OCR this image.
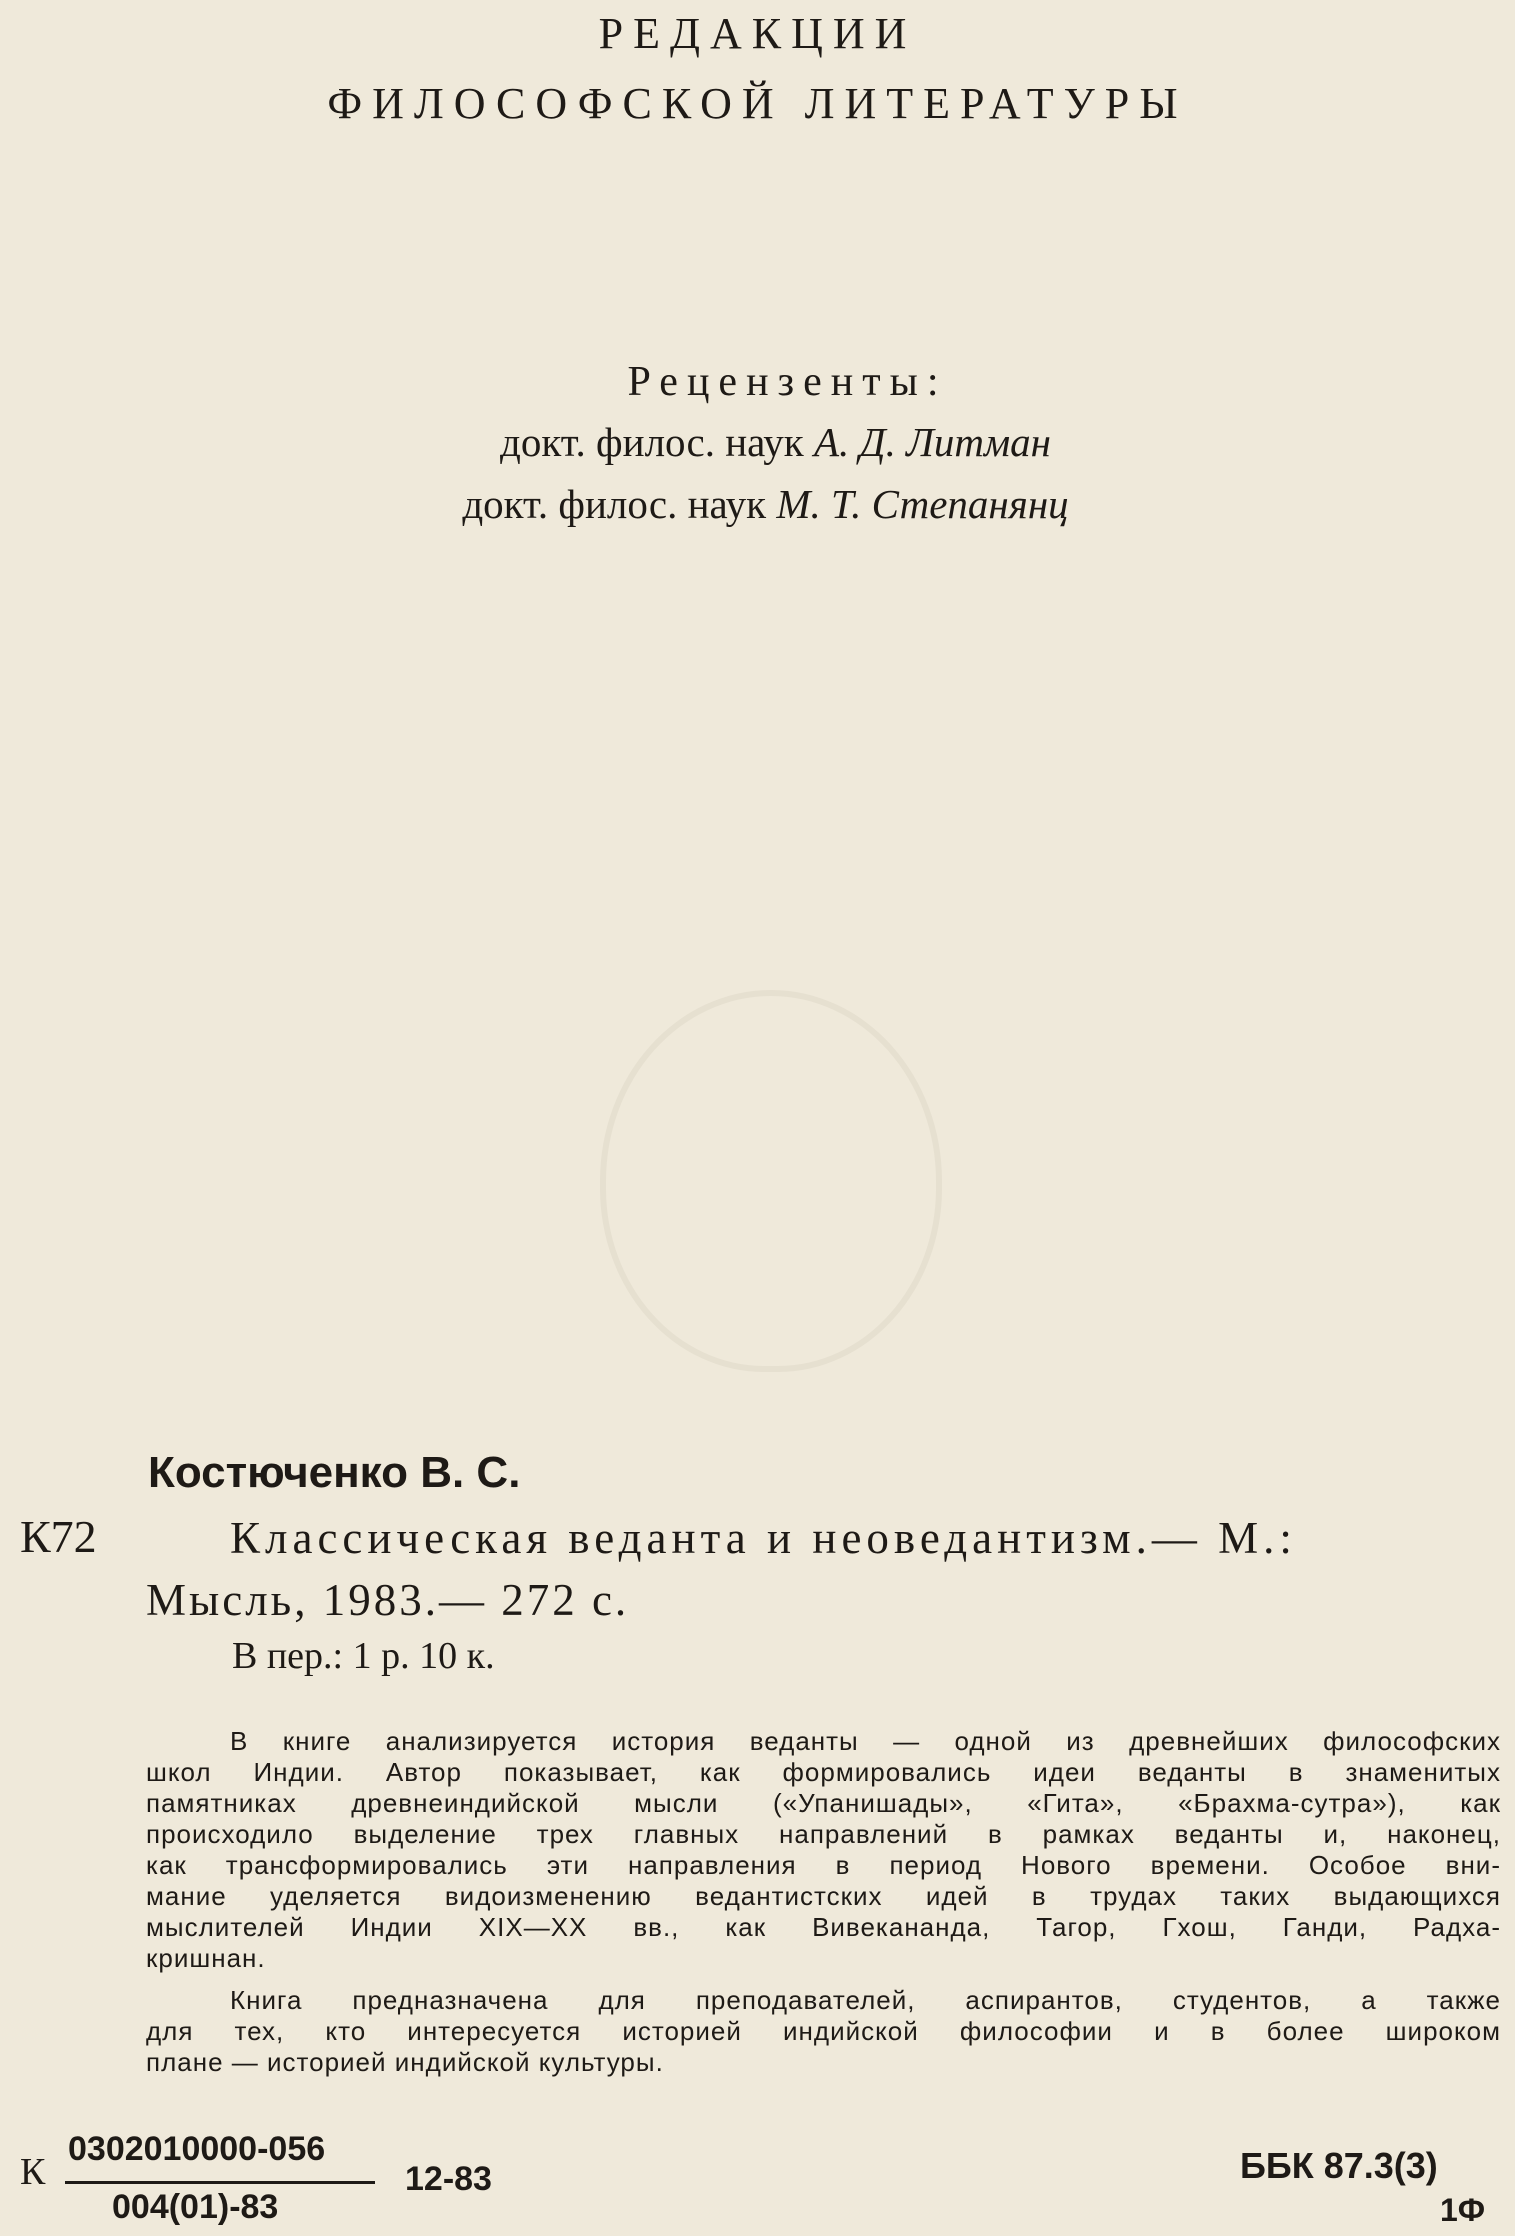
РЕДАКЦИИ
ФИЛОСОФСКОЙ ЛИТЕРАТУРЫ
Рецензенты:
докт. филос. наук А. Д. Литман
докт. филос. наук М. Т. Степанянц
Костюченко В. С.
К72	Классическая веданта и неоведантизм.— М.:
Мысль, 1983.— 272 с.
В пер.: 1 р. 10 к.
В книге анализируется история веданты — одной из древнейших философских
школ Индии. Автор показывает, как формировались идеи веданты в знаменитых
памятниках древнеиндийской мысли («Упанишады», «Гита», «Брахма-сутра»), как
происходило выделение трех главных направлений в рамках веданты и, наконец,
как трансформировались эти направления в период Нового времени. Особое вни-
мание уделяется видоизменению ведантистских идей в трудах таких выдающихся
мыслителей Индии XIX—XX вв., как Вивекананда, Тагор, Гхош, Ганди, Радха-
кришнан.
Книга предназначена для преподавателей, аспирантов, студентов, а также
для тех, кто интересуется историей индийской философии и в более широком
плане — историей индийской культуры.
К
0302010000-056
004(01)-83
12-83	ББК 87.3(3)
1Ф
